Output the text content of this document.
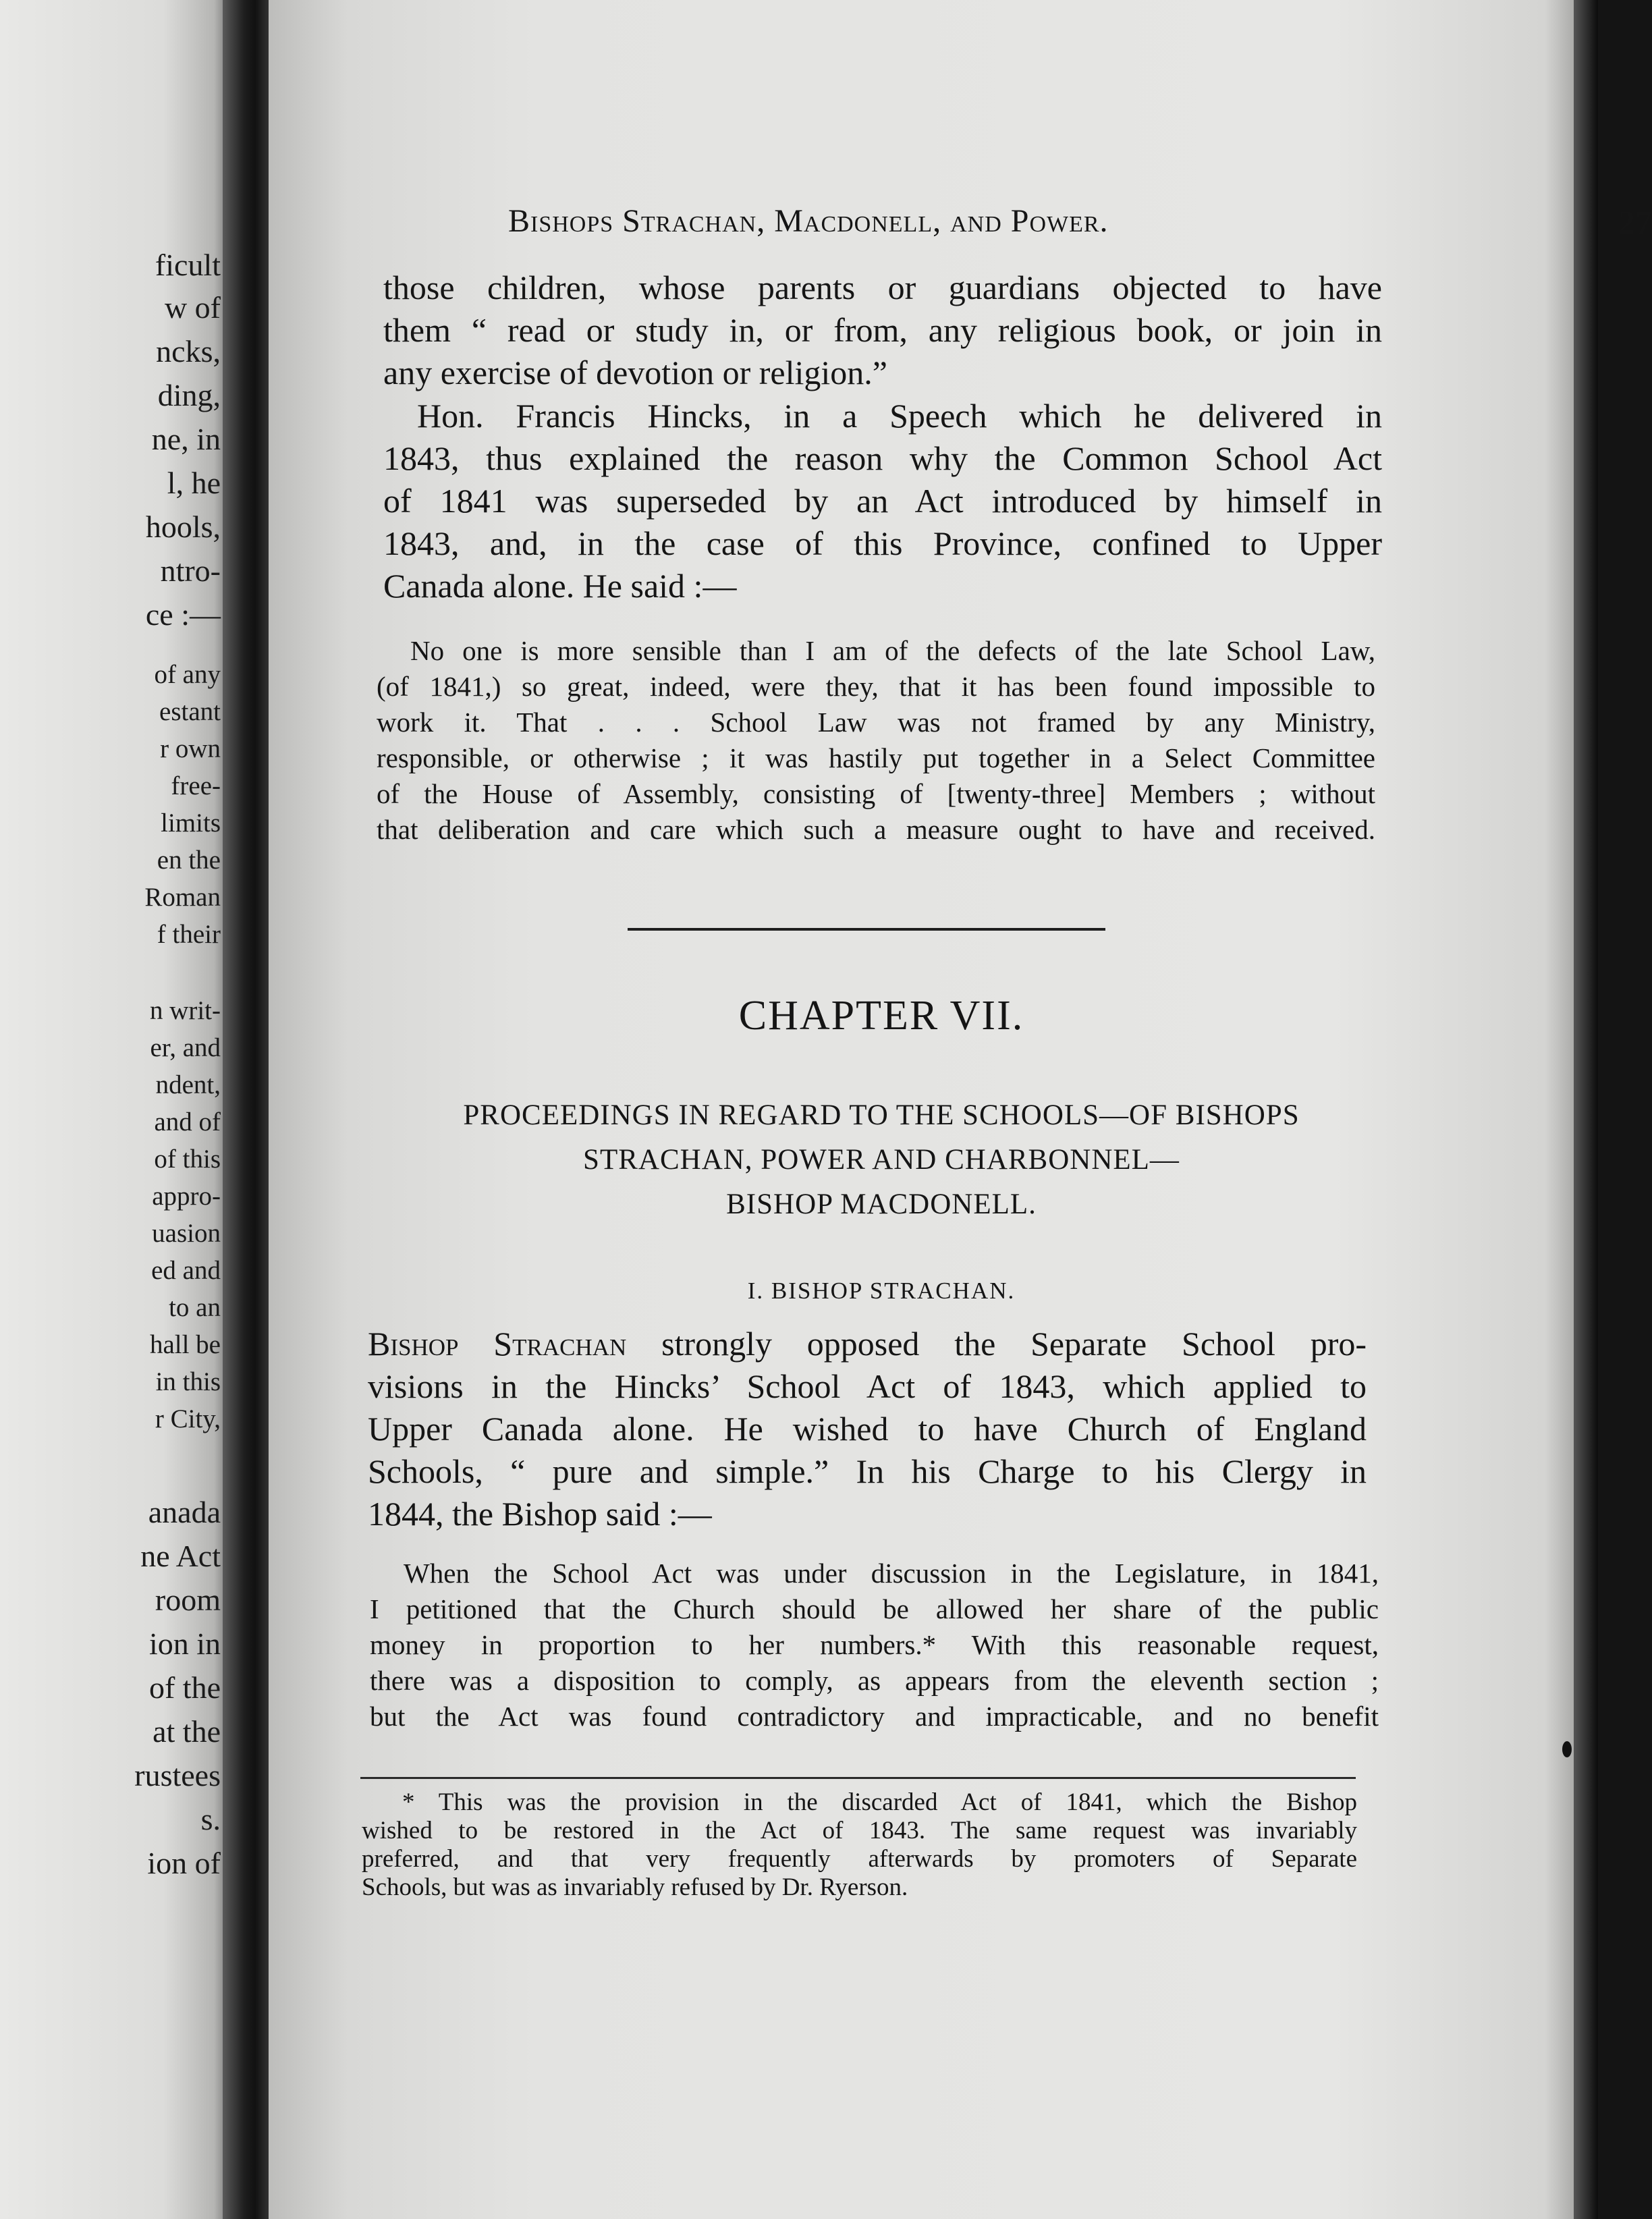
ficult
w of
ncks,
ding,
ne, in
l, he
hools,
ntro-
ce :—
of any
estant
r own
free-
limits
en the
Roman
f their
n writ-
er, and
ndent,
and of
of this
appro-
uasion
ed and
to an
hall be
in this
r City,
anada
ne Act
room
ion in
of the
at the
rustees
s.
ion of
Bishops Strachan, Macdonell, and Power.	27
those children, whose parents or guardians objected to have
them “ read or study in, or from, any religious book, or join in
any exercise of devotion or religion.”
Hon. Francis Hincks, in a Speech which he delivered in
1843, thus explained the reason why the Common School Act
of 1841 was superseded by an Act introduced by himself in
1843, and, in the case of this Province, confined to Upper
Canada alone. He said :—
No one is more sensible than I am of the defects of the late School Law,
(of 1841,) so great, indeed, were they, that it has been found impossible to
work it. That . . . School Law was not framed by any Ministry,
responsible, or otherwise ; it was hastily put together in a Select Committee
of the House of Assembly, consisting of [twenty-three] Members ; without
that deliberation and care which such a measure ought to have and received.
CHAPTER VII.
PROCEEDINGS IN REGARD TO THE SCHOOLS—OF BISHOPS
STRACHAN, POWER AND CHARBONNEL—
BISHOP MACDONELL.
I. BISHOP STRACHAN.
Bishop Strachan strongly opposed the Separate School pro-
visions in the Hincks’ School Act of 1843, which applied to
Upper Canada alone. He wished to have Church of England
Schools, “ pure and simple.” In his Charge to his Clergy in
1844, the Bishop said :—
When the School Act was under discussion in the Legislature, in 1841,
I petitioned that the Church should be allowed her share of the public
money in proportion to her numbers.* With this reasonable request,
there was a disposition to comply, as appears from the eleventh section ;
but the Act was found contradictory and impracticable, and no benefit
* This was the provision in the discarded Act of 1841, which the Bishop
wished to be restored in the Act of 1843. The same request was invariably
preferred, and that very frequently afterwards by promoters of Separate
Schools, but was as invariably refused by Dr. Ryerson.
